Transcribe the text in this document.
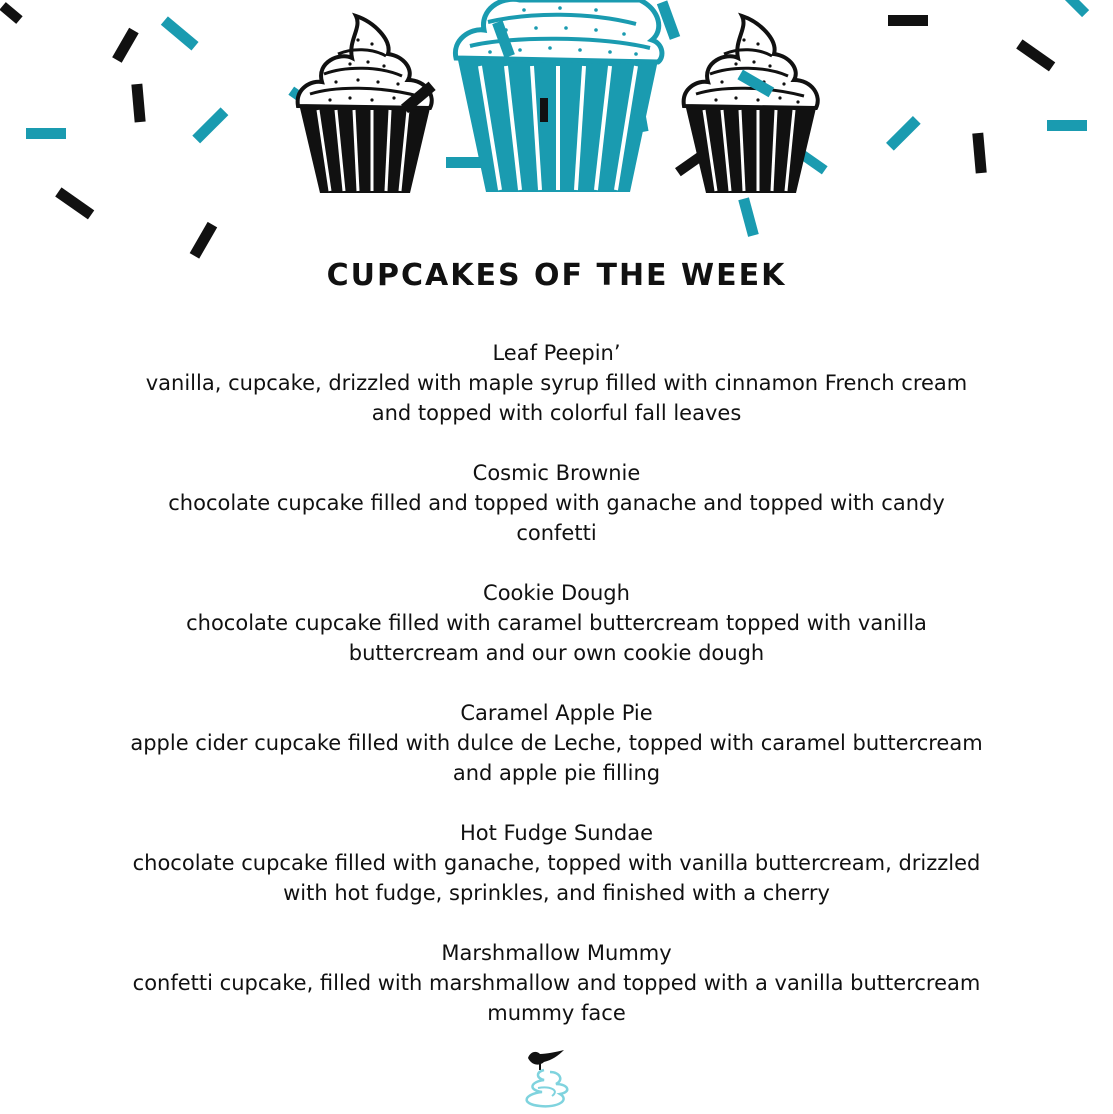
CUPCAKES OF THE WEEK
Leaf Peepin’
vanilla, cupcake, drizzled with maple syrup filled with cinnamon French cream and topped with colorful fall leaves
Cosmic Brownie
chocolate cupcake filled and topped with ganache and topped with candy confetti
Cookie Dough
chocolate cupcake filled with caramel buttercream topped with vanilla buttercream and our own cookie dough
Caramel Apple Pie
apple cider cupcake filled with dulce de Leche, topped with caramel buttercream and apple pie filling
Hot Fudge Sundae
chocolate cupcake filled with ganache, topped with vanilla buttercream, drizzled with hot fudge, sprinkles, and finished with a cherry
Marshmallow Mummy
confetti cupcake, filled with marshmallow and topped with a vanilla buttercream mummy face
